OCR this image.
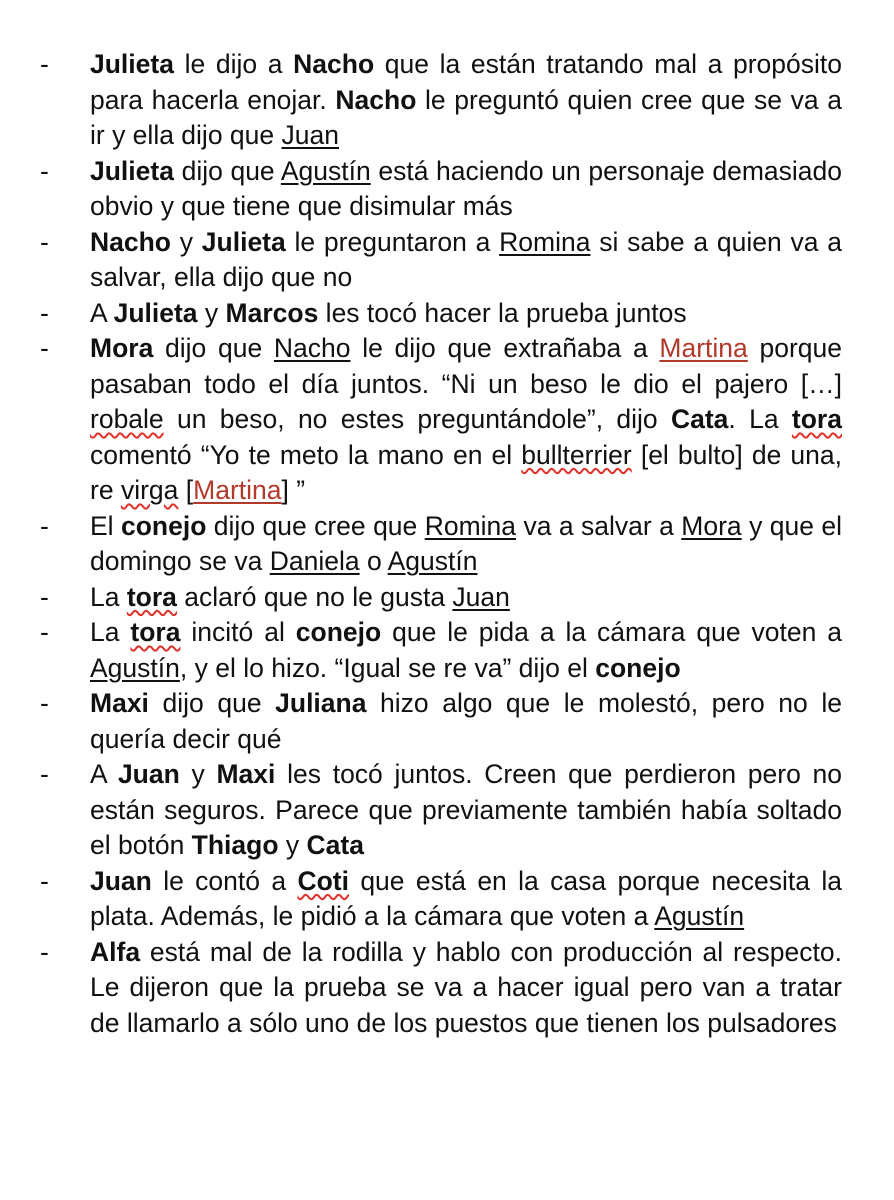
-	Julieta le dijo a Nacho que la están tratando mal a propósito para hacerla enojar. Nacho le preguntó quien cree que se va a ir y ella dijo que Juan
-	Julieta dijo que Agustín está haciendo un personaje demasiado obvio y que tiene que disimular más
-	Nacho y Julieta le preguntaron a Romina si sabe a quien va a salvar, ella dijo que no
-	A Julieta y Marcos les tocó hacer la prueba juntos
-	Mora dijo que Nacho le dijo que extrañaba a Martina porque pasaban todo el día juntos. “Ni un beso le dio el pajero […] robale un beso, no estes preguntándole”, dijo Cata. La tora comentó “Yo te meto la mano en el bullterrier [el bulto] de una, re virga [Martina] ”
-	El conejo dijo que cree que Romina va a salvar a Mora y que el domingo se va Daniela o Agustín
-	La tora aclaró que no le gusta Juan
-	La tora incitó al conejo que le pida a la cámara que voten a Agustín, y el lo hizo. “Igual se re va” dijo el conejo
-	Maxi dijo que Juliana hizo algo que le molestó, pero no le quería decir qué
-	A Juan y Maxi les tocó juntos. Creen que perdieron pero no están seguros. Parece que previamente también había soltado el botón Thiago y Cata
-	Juan le contó a Coti que está en la casa porque necesita la plata. Además, le pidió a la cámara que voten a Agustín
-	Alfa está mal de la rodilla y hablo con producción al respecto. Le dijeron que la prueba se va a hacer igual pero van a tratar de llamarlo a sólo uno de los puestos que tienen los pulsadores
